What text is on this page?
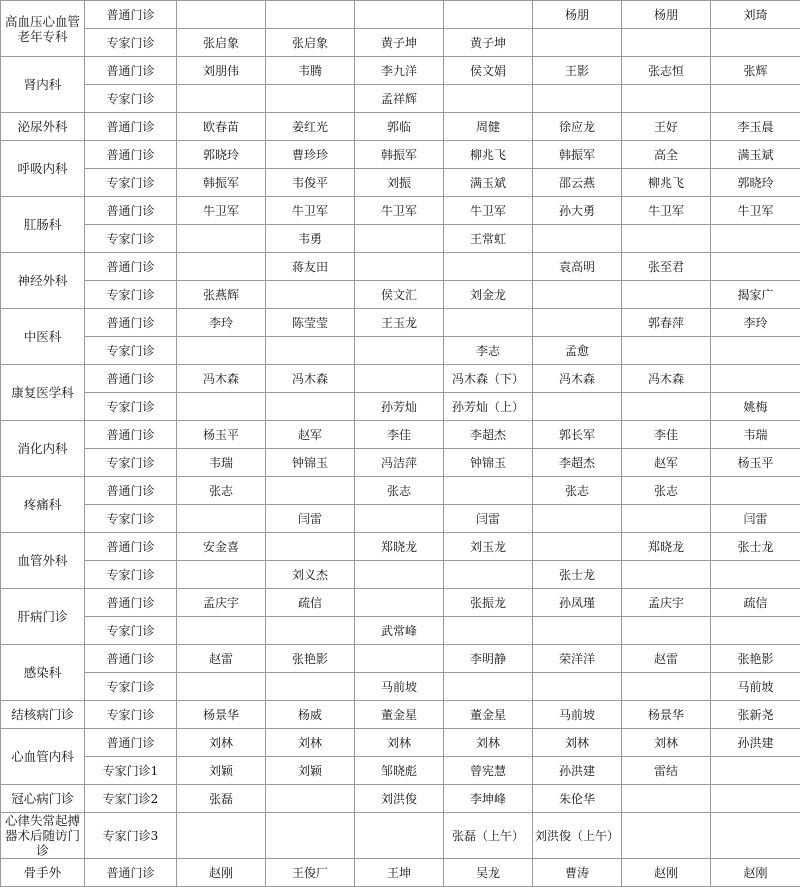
高血压心血管老年专科	普通门诊					杨朋	杨朋	刘琦
	专家门诊	张启象	张启象	黄子坤	黄子坤			
肾内科	普通门诊	刘朋伟	韦腾	李九洋	侯文娟	王影	张志恒	张辉
	专家门诊			孟祥辉				
泌尿外科	普通门诊	欧春苗	姜红光	郭临	周健	徐应龙	王好	李玉晨
呼吸内科	普通门诊	郭晓玲	曹珍珍	韩振军	柳兆飞	韩振军	高全	满玉斌
	专家门诊	韩振军	韦俊平	刘振	满玉斌	邵云燕	柳兆飞	郭晓玲
肛肠科	普通门诊	牛卫军	牛卫军	牛卫军	牛卫军	孙大勇	牛卫军	牛卫军
	专家门诊		韦勇		王常虹			
神经外科	普通门诊		蒋友田			袁高明	张至君	
	专家门诊	张燕辉		侯文汇	刘金龙			揭家广
中医科	普通门诊	李玲	陈莹莹	王玉龙			郭春萍	李玲
	专家门诊				李志	孟愈		
康复医学科	普通门诊	冯木森	冯木森		冯木森（下）	冯木森	冯木森	
	专家门诊			孙芳灿	孙芳灿（上）			姚梅
消化内科	普通门诊	杨玉平	赵军	李佳	李超杰	郭长军	李佳	韦瑞
	专家门诊	韦瑞	钟锦玉	冯洁萍	钟锦玉	李超杰	赵军	杨玉平
疼痛科	普通门诊	张志		张志		张志	张志	
	专家门诊		闫雷		闫雷			闫雷
血管外科	普通门诊	安金喜		郑晓龙	刘玉龙		郑晓龙	张士龙
	专家门诊		刘义杰			张士龙		
肝病门诊	普通门诊	孟庆宇	疏信		张振龙	孙凤瑾	孟庆宇	疏信
	专家门诊			武常峰				
感染科	普通门诊	赵雷	张艳影		李明静	荣洋洋	赵雷	张艳影
	专家门诊			马前坡				马前坡
结核病门诊	专家门诊	杨景华	杨威	董金星	董金星	马前坡	杨景华	张新尧
心血管内科	普通门诊	刘林	刘林	刘林	刘林	刘林	刘林	孙洪建
	专家门诊1	刘颖	刘颖	邹晓彪	曾宪慧	孙洪建	雷结	
冠心病门诊	专家门诊2	张磊		刘洪俊	李坤峰	朱伦华		
心律失常起搏器术后随访门诊	专家门诊3				张磊（上午）	刘洪俊（上午）		
骨手外	普通门诊	赵刚	王俊厂	王坤	吴龙	曹涛	赵刚	赵刚
